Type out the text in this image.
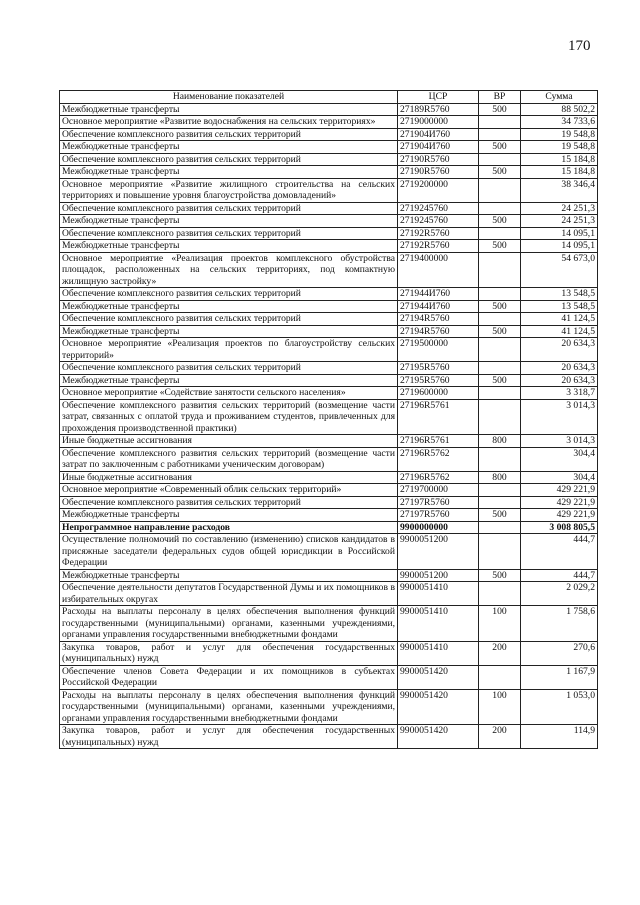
170
Наименование показателей	ЦСР	ВР	Сумма
Межбюджетные трансферты	27189R5760	500	88 502,2
Основное мероприятие «Развитие водоснабжения на сельских территориях»	2719000000		34 733,6
Обеспечение комплексного развития сельских территорий	271904И760		19 548,8
Межбюджетные трансферты	271904И760	500	19 548,8
Обеспечение комплексного развития сельских территорий	27190R5760		15 184,8
Межбюджетные трансферты	27190R5760	500	15 184,8
Основное мероприятие «Развитие жилищного строительства на сельских территориях и повышение уровня благоустройства домовладений»	2719200000		38 346,4
Обеспечение комплексного развития сельских территорий	2719245760		24 251,3
Межбюджетные трансферты	2719245760	500	24 251,3
Обеспечение комплексного развития сельских территорий	27192R5760		14 095,1
Межбюджетные трансферты	27192R5760	500	14 095,1
Основное мероприятие «Реализация проектов комплексного обустройства площадок, расположенных на сельских территориях, под компактную жилищную застройку»	2719400000		54 673,0
Обеспечение комплексного развития сельских территорий	271944И760		13 548,5
Межбюджетные трансферты	271944И760	500	13 548,5
Обеспечение комплексного развития сельских территорий	27194R5760		41 124,5
Межбюджетные трансферты	27194R5760	500	41 124,5
Основное мероприятие «Реализация проектов по благоустройству сельских территорий»	2719500000		20 634,3
Обеспечение комплексного развития сельских территорий	27195R5760		20 634,3
Межбюджетные трансферты	27195R5760	500	20 634,3
Основное мероприятие «Содействие занятости сельского населения»	2719600000		3 318,7
Обеспечение комплексного развития сельских территорий (возмещение части затрат, связанных с оплатой труда и проживанием студентов, привлеченных для прохождения производственной практики)	27196R5761		3 014,3
Иные бюджетные ассигнования	27196R5761	800	3 014,3
Обеспечение комплексного развития сельских территорий (возмещение части затрат по заключенным с работниками ученическим договорам)	27196R5762		304,4
Иные бюджетные ассигнования	27196R5762	800	304,4
Основное мероприятие «Современный облик сельских территорий»	2719700000		429 221,9
Обеспечение комплексного развития сельских территорий	27197R5760		429 221,9
Межбюджетные трансферты	27197R5760	500	429 221,9
Непрограммное направление расходов	9900000000		3 008 805,5
Осуществление полномочий по составлению (изменению) списков кандидатов в присяжные заседатели федеральных судов общей юрисдикции в Российской Федерации	9900051200		444,7
Межбюджетные трансферты	9900051200	500	444,7
Обеспечение деятельности депутатов Государственной Думы и их помощников в избирательных округах	9900051410		2 029,2
Расходы на выплаты персоналу в целях обеспечения выполнения функций государственными (муниципальными) органами, казенными учреждениями, органами управления государственными внебюджетными фондами	9900051410	100	1 758,6
Закупка товаров, работ и услуг для обеспечения государственных (муниципальных) нужд	9900051410	200	270,6
Обеспечение членов Совета Федерации и их помощников в субъектах Российской Федерации	9900051420		1 167,9
Расходы на выплаты персоналу в целях обеспечения выполнения функций государственными (муниципальными) органами, казенными учреждениями, органами управления государственными внебюджетными фондами	9900051420	100	1 053,0
Закупка товаров, работ и услуг для обеспечения государственных (муниципальных) нужд	9900051420	200	114,9
